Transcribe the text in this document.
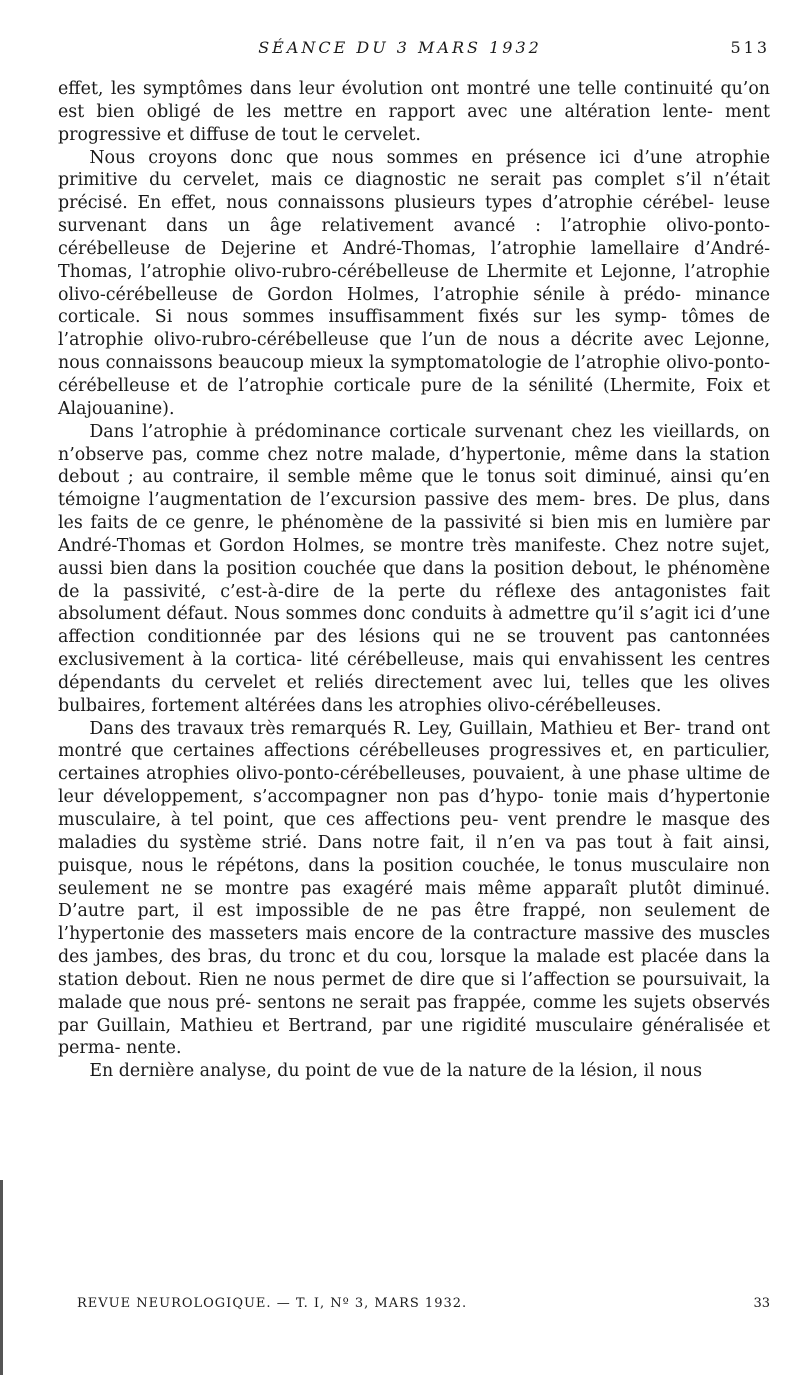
SÉANCE DU 3 MARS 1932	513

effet, les symptômes dans leur évolution ont montré une telle continuité qu’on est bien obligé de les mettre en rapport avec une altération lente- ment progressive et diffuse de tout le cervelet.

Nous croyons donc que nous sommes en présence ici d’une atrophie primitive du cervelet, mais ce diagnostic ne serait pas complet s’il n’était précisé. En effet, nous connaissons plusieurs types d’atrophie cérébel- leuse survenant dans un âge relativement avancé : l’atrophie olivo-ponto- cérébelleuse de Dejerine et André-Thomas, l’atrophie lamellaire d’André- Thomas, l’atrophie olivo-rubro-cérébelleuse de Lhermite et Lejonne, l’atrophie olivo-cérébelleuse de Gordon Holmes, l’atrophie sénile à prédo- minance corticale. Si nous sommes insuffisamment fixés sur les symp- tômes de l’atrophie olivo-rubro-cérébelleuse que l’un de nous a décrite avec Lejonne, nous connaissons beaucoup mieux la symptomatologie de l’atrophie olivo-ponto-cérébelleuse et de l’atrophie corticale pure de la sénilité (Lhermite, Foix et Alajouanine).

Dans l’atrophie à prédominance corticale survenant chez les vieillards, on n’observe pas, comme chez notre malade, d’hypertonie, même dans la station debout ; au contraire, il semble même que le tonus soit diminué, ainsi qu’en témoigne l’augmentation de l’excursion passive des mem- bres. De plus, dans les faits de ce genre, le phénomène de la passivité si bien mis en lumière par André-Thomas et Gordon Holmes, se montre très manifeste. Chez notre sujet, aussi bien dans la position couchée que dans la position debout, le phénomène de la passivité, c’est-à-dire de la perte du réflexe des antagonistes fait absolument défaut. Nous sommes donc conduits à admettre qu’il s’agit ici d’une affection conditionnée par des lésions qui ne se trouvent pas cantonnées exclusivement à la cortica- lité cérébelleuse, mais qui envahissent les centres dépendants du cervelet et reliés directement avec lui, telles que les olives bulbaires, fortement altérées dans les atrophies olivo-cérébelleuses.

Dans des travaux très remarqués R. Ley, Guillain, Mathieu et Ber- trand ont montré que certaines affections cérébelleuses progressives et, en particulier, certaines atrophies olivo-ponto-cérébelleuses, pouvaient, à une phase ultime de leur développement, s’accompagner non pas d’hypo- tonie mais d’hypertonie musculaire, à tel point, que ces affections peu- vent prendre le masque des maladies du système strié. Dans notre fait, il n’en va pas tout à fait ainsi, puisque, nous le répétons, dans la position couchée, le tonus musculaire non seulement ne se montre pas exagéré mais même apparaît plutôt diminué. D’autre part, il est impossible de ne pas être frappé, non seulement de l’hypertonie des masseters mais encore de la contracture massive des muscles des jambes, des bras, du tronc et du cou, lorsque la malade est placée dans la station debout. Rien ne nous permet de dire que si l’affection se poursuivait, la malade que nous pré- sentons ne serait pas frappée, comme les sujets observés par Guillain, Mathieu et Bertrand, par une rigidité musculaire généralisée et perma- nente.

En dernière analyse, du point de vue de la nature de la lésion, il nous

REVUE NEUROLOGIQUE. — T. I, Nº 3, MARS 1932.	33
